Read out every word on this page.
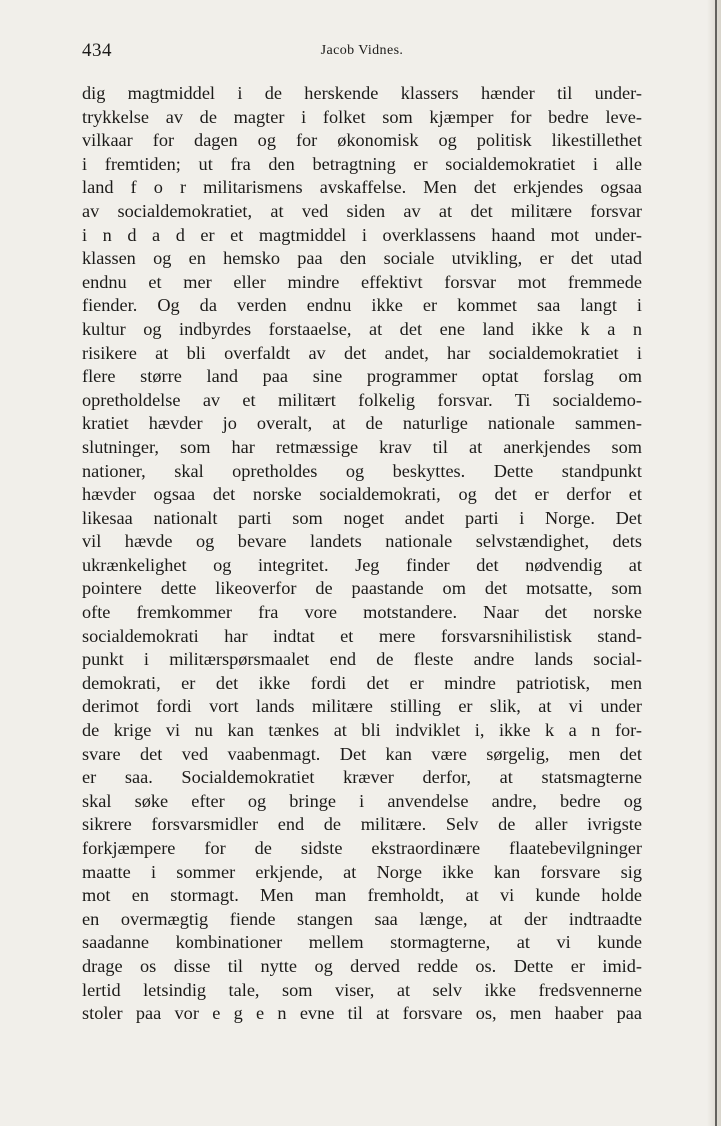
434	Jacob Vidnes.
dig magtmiddel i de herskende klassers hænder til under-
trykkelse av de magter i folket som kjæmper for bedre leve-
vilkaar for dagen og for økonomisk og politisk likestillethet
i fremtiden; ut fra den betragtning er socialdemokratiet i alle
land f o r militarismens avskaffelse. Men det erkjendes ogsaa
av socialdemokratiet, at ved siden av at det militære forsvar
i n d a d er et magtmiddel i overklassens haand mot under-
klassen og en hemsko paa den sociale utvikling, er det utad
endnu et mer eller mindre effektivt forsvar mot fremmede
fiender. Og da verden endnu ikke er kommet saa langt i
kultur og indbyrdes forstaaelse, at det ene land ikke k a n
risikere at bli overfaldt av det andet, har socialdemokratiet i
flere større land paa sine programmer optat forslag om
opretholdelse av et militært folkelig forsvar. Ti socialdemo-
kratiet hævder jo overalt, at de naturlige nationale sammen-
slutninger, som har retmæssige krav til at anerkjendes som
nationer, skal opretholdes og beskyttes. Dette standpunkt
hævder ogsaa det norske socialdemokrati, og det er derfor et
likesaa nationalt parti som noget andet parti i Norge. Det
vil hævde og bevare landets nationale selvstændighet, dets
ukrænkelighet og integritet. Jeg finder det nødvendig at
pointere dette likeoverfor de paastande om det motsatte, som
ofte fremkommer fra vore motstandere. Naar det norske
socialdemokrati har indtat et mere forsvarsnihilistisk stand-
punkt i militærspørsmaalet end de fleste andre lands social-
demokrati, er det ikke fordi det er mindre patriotisk, men
derimot fordi vort lands militære stilling er slik, at vi under
de krige vi nu kan tænkes at bli indviklet i, ikke k a n for-
svare det ved vaabenmagt. Det kan være sørgelig, men det
er saa. Socialdemokratiet kræver derfor, at statsmagterne
skal søke efter og bringe i anvendelse andre, bedre og
sikrere forsvarsmidler end de militære. Selv de aller ivrigste
forkjæmpere for de sidste ekstraordinære flaatebevilgninger
maatte i sommer erkjende, at Norge ikke kan forsvare sig
mot en stormagt. Men man fremholdt, at vi kunde holde
en overmægtig fiende stangen saa længe, at der indtraadte
saadanne kombinationer mellem stormagterne, at vi kunde
drage os disse til nytte og derved redde os. Dette er imid-
lertid letsindig tale, som viser, at selv ikke fredsvennerne
stoler paa vor e g e n evne til at forsvare os, men haaber paa
